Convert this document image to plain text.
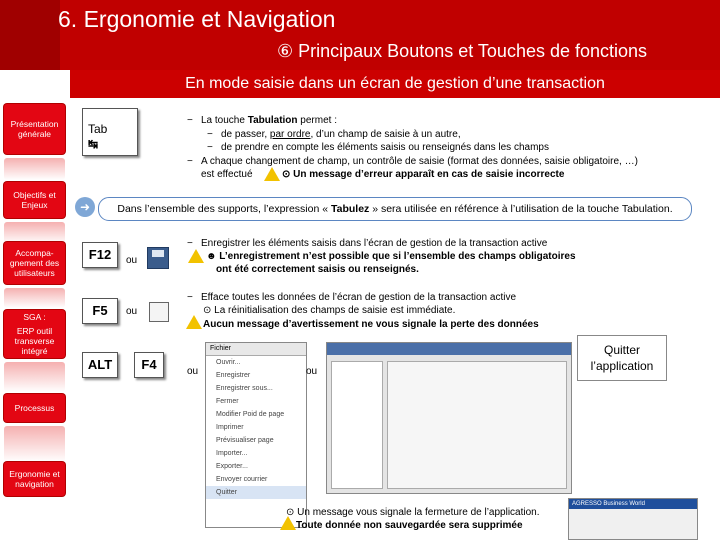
6. Ergonomie et Navigation
⑥ Principaux Boutons et Touches de fonctions
En mode saisie dans un écran de gestion d’une transaction
Présentation générale
Objectifs et Enjeux
Accompa-gnement des utilisateurs
SGA :
ERP outil transverse intégré
Processus
Ergonomie et navigation
Tab
↹
− La touche Tabulation permet :
− de passer, par ordre, d’un champ de saisie à un autre,
− de prendre en compte les éléments saisis ou renseignés dans les champs
− A chaque changement de champ, un contrôle de saisie (format des données, saisie obligatoire, …)
est effectué	⊙ Un message d’erreur apparaît en cas de saisie incorrecte
➜	Dans l’ensemble des supports, l’expression « Tabulez » sera utilisée en référence à l’utilisation de la touche Tabulation.
F12	ou
− Enregistrer les éléments saisis dans l’écran de gestion de la transaction active
☻ L’enregistrement n’est possible que si l’ensemble des champs obligatoires
ont été correctement saisis ou renseignés.
F5	ou
− Efface toutes les données de l’écran de gestion de la transaction active
⊙ La réinitialisation des champs de saisie est immédiate.
Aucun message d’avertissement ne vous signale la perte des données
ALT	F4	ou
Fichier
Ouvrir...
Enregistrer
Enregistrer sous...
Fermer
Modifier Poid de page
Imprimer
Prévisualiser page
Importer...
Exporter...
Envoyer courrier
Quitter
ou
Quitter l’application
AGRESSO Business World
⊙ Un message vous signale la fermeture de l’application.
Toute donnée non sauvegardée sera supprimée
